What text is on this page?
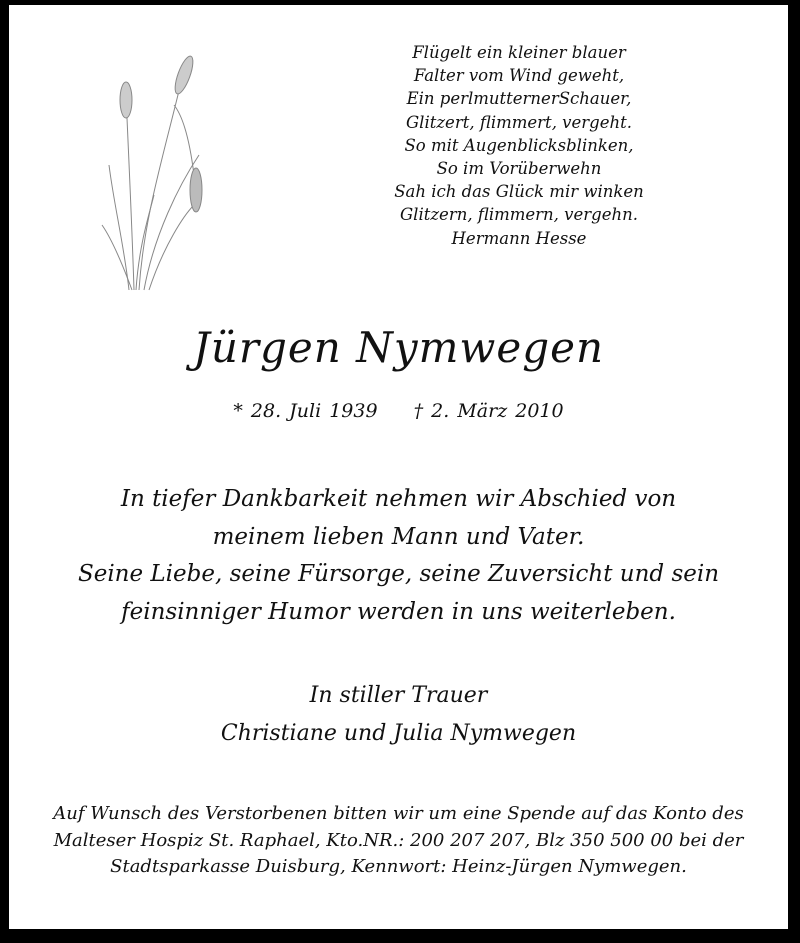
Flügelt ein kleiner blauer
Falter vom Wind geweht,
Ein perlmutternerSchauer,
Glitzert, flimmert, vergeht.
So mit Augenblicksblinken,
So im Vorüberwehn
Sah ich das Glück mir winken
Glitzern, flimmern, vergehn.
Hermann Hesse
Jürgen Nymwegen
* 28. Juli 1939 † 2. März 2010
In tiefer Dankbarkeit nehmen wir Abschied von
meinem lieben Mann und Vater.
Seine Liebe, seine Fürsorge, seine Zuversicht und sein
feinsinniger Humor werden in uns weiterleben.
In stiller Trauer
Christiane und Julia Nymwegen
Auf Wunsch des Verstorbenen bitten wir um eine Spende auf das Konto des
Malteser Hospiz St. Raphael, Kto.NR.: 200 207 207, Blz 350 500 00 bei der
Stadtsparkasse Duisburg, Kennwort: Heinz-Jürgen Nymwegen.
